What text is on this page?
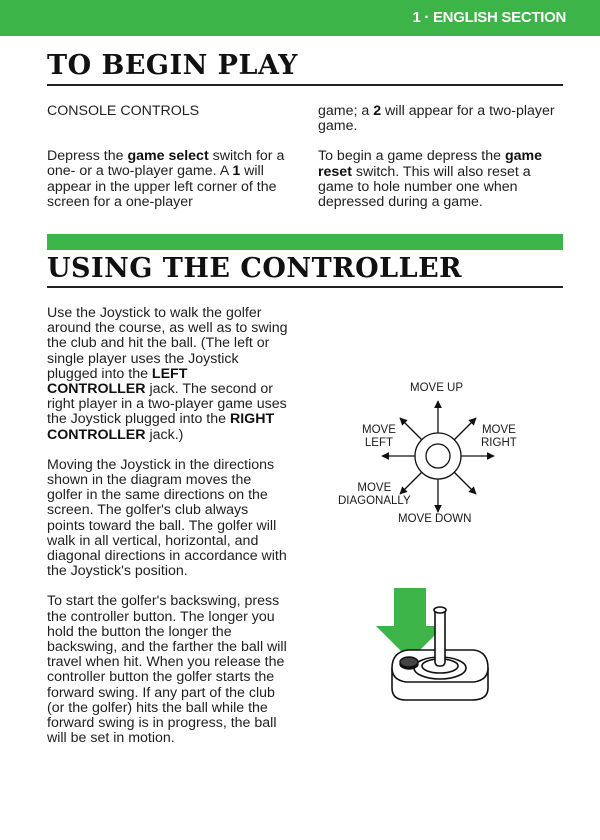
1 · ENGLISH SECTION
TO BEGIN PLAY

CONSOLE CONTROLS

Depress the game select switch for a one- or a two-player game. A 1 will appear in the upper left corner of the screen for a one-player

game; a 2 will appear for a two-player game.

To begin a game depress the game reset switch. This will also reset a game to hole number one when depressed during a game.

USING THE CONTROLLER

Use the Joystick to walk the golfer around the course, as well as to swing the club and hit the ball. (The left or single player uses the Joystick plugged into the LEFT CONTROLLER jack. The second or right player in a two-player game uses the Joystick plugged into the RIGHT CONTROLLER jack.)

Moving the Joystick in the directions shown in the diagram moves the golfer in the same directions on the screen. The golfer's club always points toward the ball. The golfer will walk in all vertical, horizontal, and diagonal directions in accordance with the Joystick's position.

To start the golfer's backswing, press the controller button. The longer you hold the button the longer the backswing, and the farther the ball will travel when hit. When you release the controller button the golfer starts the forward swing. If any part of the club (or the golfer) hits the ball while the forward swing is in progress, the ball will be set in motion.

MOVE UP
MOVE
LEFT
MOVE
RIGHT
MOVE
DIAGONALLY
MOVE DOWN
